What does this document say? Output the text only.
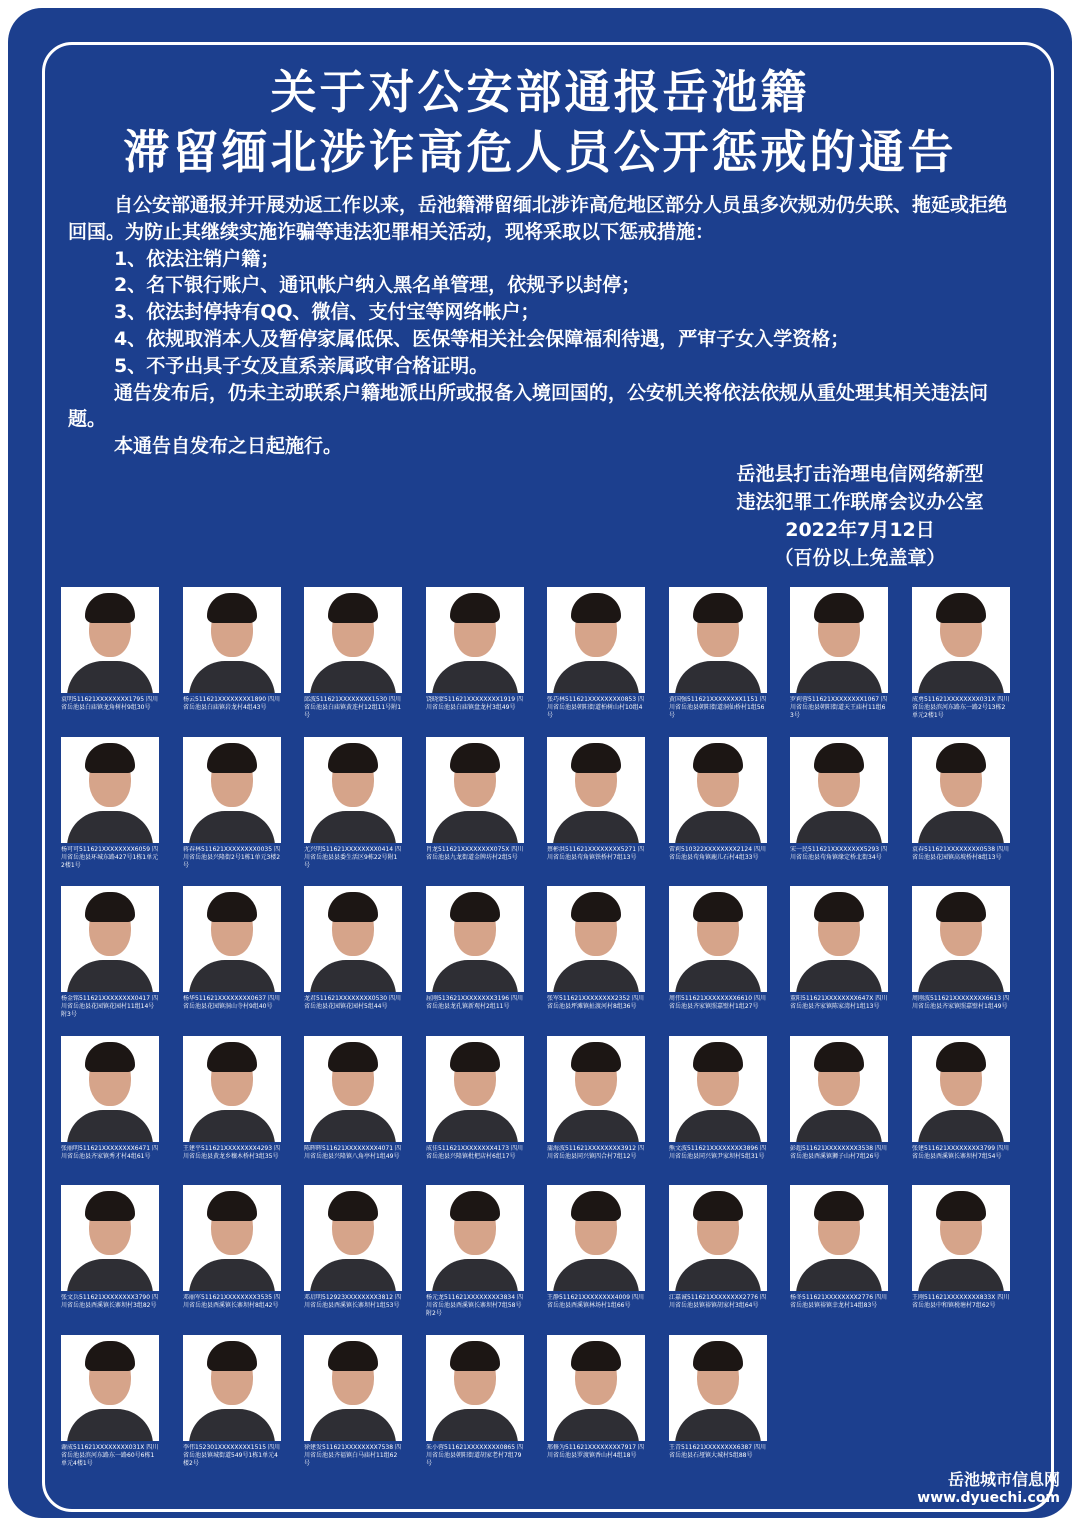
关于对公安部通报岳池籍
滞留缅北涉诈高危人员公开惩戒的通告

自公安部通报并开展劝返工作以来，岳池籍滞留缅北涉诈高危地区部分人员虽多次规劝仍失联、拖延或拒绝回国。为防止其继续实施诈骗等违法犯罪相关活动，现将采取以下惩戒措施：

1、依法注销户籍；

2、名下银行账户、通讯帐户纳入黑名单管理，依规予以封停；

3、依法封停持有QQ、微信、支付宝等网络帐户；

4、依规取消本人及暂停家属低保、医保等相关社会保障福利待遇，严审子女入学资格；

5、不予出具子女及直系亲属政审合格证明。

通告发布后，仍未主动联系户籍地派出所或报备入境回国的，公安机关将依法依规从重处理其相关违法问题。

本通告自发布之日起施行。

岳池县打击治理电信网络新型
违法犯罪工作联席会议办公室
2022年7月12日
（百份以上免盖章）
袁明511621XXXXXXXX1795 四川省岳池县白庙镇龙角树村9组30号
杨云511621XXXXXXXX1890 四川省岳池县白庙镇岩龙村4组43号
邱波511621XXXXXXXX1530 四川省岳池县白庙镇黄连村12组11号附1号
饶晓蒙511621XXXXXXXX1919 四川省岳池县白庙镇盘龙村3组49号
张巧林511621XXXXXXXX0853 四川省岳池县朝阳街道柏树山村10组4号
黄国强511621XXXXXXXX1151 四川省岳池县朝阳街道洞仙桥村1组56号
罗莉蓉511621XXXXXXXX1067 四川省岳池县朝阳街道天王庙村11组63号
成勇511621XXXXXXXX031X 四川省岳池县滨河东路东一路2号13栋2单元2楼1号
杨可可511621XXXXXXXX6059 四川省岳池县环城东路427号1栋1单元2楼1号
蒋春林511621XXXXXXXX0035 四川省岳池县兴隆街2号1栋1单元3楼2号
尤兴明511621XXXXXXXX0414 四川省岳池县县委生活区9栋22号附1号
肖龙511621XXXXXXXX075X 四川省岳池县九龙街道金牌坊村2组5号
蔡彬洪511621XXXXXXXX5271 四川省岳池县苟角镇铁桥村7组13号
雷莉510322XXXXXXXX2124 四川省岳池县苟角镇鹿儿石村4组33号
宋一民511621XXXXXXXX5293 四川省岳池县苟角镇缘定桥北街34号
袁春511621XXXXXXXX0538 四川省岳池县花园镇高坡桥村8组13号
杨金铭511621XXXXXXXX0417 四川省岳池县花园镇花园村11组14号附3号
杨华511621XXXXXXXX0637 四川省岳池县花园镇洞山寺村9组40号
龙君511621XXXXXXXX0530 四川省岳池县花园镇花园村5组44号
屈刚513621XXXXXXXX3196 四川省岳池县龙孔镇新观村2组11号
张军511621XXXXXXXX2352 四川省岳池县坪滩镇扯渡河村8组36号
周伟511621XXXXXXXX6610 四川省岳池县齐家镇照嘉壁村1组27号
董阳511621XXXXXXXX647X 四川省岳池县齐家镇陈家湾村1组13号
周刚波511621XXXXXXXX6613 四川省岳池县齐家镇照嘉壁村1组49号
张丽明511621XXXXXXXX6471 四川省岳池县齐家镇秀才村4组61号
王建平511621XXXXXXXX4293 四川省岳池县黄龙乡穰木桥村3组35号
陈晖晖511621XXXXXXXX4071 四川省岳池县兴隆镇八角亭村1组49号
成佳511621XXXXXXXX4173 四川省岳池县兴隆镇枇杷店村6组17号
蒲海波511621XXXXXXXX3912 四川省岳池县同兴镇四合村7组12号
熊文波511621XXXXXXXX3896 四川省岳池县同兴镇尹家坝村5组31号
彭超511621XXXXXXXX3538 四川省岳池县酉溪镇狮子山村7组26号
张建511621XXXXXXXX3799 四川省岳池县酉溪镇长寨坝村7组54号
张文兵511621XXXXXXXX3790 四川省岳池县酉溪镇长寨坝村3组82号
邓丽军511621XXXXXXXX3535 四川省岳池县酉溪镇长寨坝村8组42号
邓启明512923XXXXXXXX3812 四川省岳池县酉溪镇长寨坝村1组53号
杨元龙511621XXXXXXXX3834 四川省岳池县酉溪镇长寨坝村7组58号附2号
王静511621XXXXXXXX4009 四川省岳池县酉溪镇林场村1组66号
江嘉诚511621XXXXXXXX2776 四川省岳池县镇裕镇胡家村3组64号
杨冬511621XXXXXXXX2776 四川省岳池县镇裕镇幸龙村14组83号
王刚511621XXXXXXXX833X 四川省岳池县中和镇税塘村7组62号
谢成511621XXXXXXXX031X 四川省岳池县滨河东路东一路60号6栋1单元4楼1号
李伟152301XXXXXXXX1515 四川省岳池县镇城街道549号1栋1单元4楼2号
徐建发511621XXXXXXXX7538 四川省岳池县齐福镇白马庙村11组62号
朱小蓉511621XXXXXXXX0865 四川省岳池县朝阳街道胡家老村7组79号
邢修为511621XXXXXXXX7917 四川省岳池县罗渡镇香山村4组18号
王青511621XXXXXXXX6387 四川省岳池县石垭镇大城村5组88号
岳池城市信息网
www.dyuechi.com
